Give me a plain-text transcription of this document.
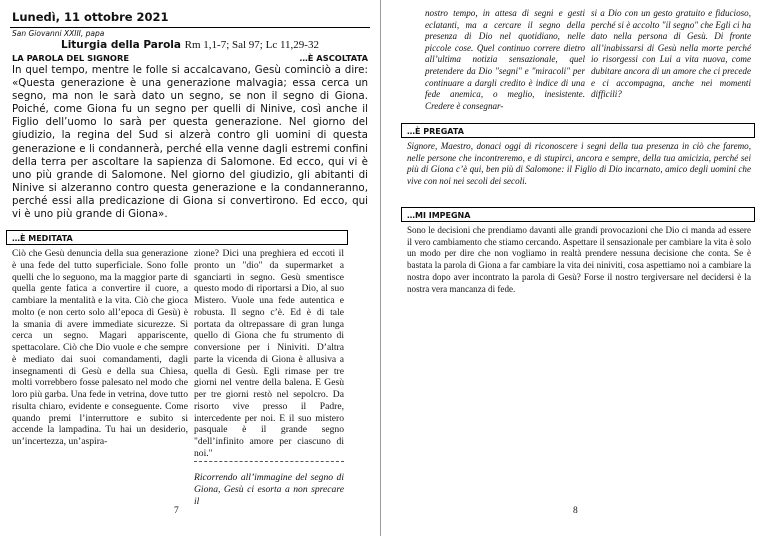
Lunedì, 11 ottobre 2021
San Giovanni XXIII, papa
Liturgia della Parola Rm 1,1-7; Sal 97; Lc 11,29-32
LA PAROLA DEL SIGNORE	…È ASCOLTATA

In quel tempo, mentre le folle si accalcavano, Gesù cominciò a dire: «Questa generazione è una generazione malvagia; essa cerca un segno, ma non le sarà dato un segno, se non il segno di Giona. Poiché, come Giona fu un segno per quelli di Ninive, così anche il Figlio dell’uomo lo sarà per questa generazione. Nel giorno del giudizio, la regina del Sud si alzerà contro gli uomini di questa generazione e li condannerà, perché ella venne dagli estremi confini della terra per ascoltare la sapienza di Salomone. Ed ecco, qui vi è uno più grande di Salomone. Nel giorno del giudizio, gli abitanti di Ninive si alzeranno contro questa generazione e la condanneranno, perché essi alla predicazione di Giona si convertirono. Ed ecco, qui vi è uno più grande di Giona».

…È MEDITATA

Ciò che Gesù denuncia della sua generazione è una fede del tutto superficiale. Sono folle quelli che lo seguono, ma la maggior parte di quella gente fatica a convertire il cuore, a cambiare la mentalità e la vita. Ciò che gioca molto (e non certo solo all’epoca di Gesù) è la smania di avere immediate sicurezze. Si cerca un segno. Magari appariscente, spettacolare. Ciò che Dio vuole e che sempre è mediato dai suoi comandamenti, dagli insegnamenti di Gesù e della sua Chiesa, molti vorrebbero fosse palesato nel modo che loro più garba. Una fede in vetrina, dove tutto risulta chiaro, evidente e conseguente. Come quando premi l’interruttore e subito si accende la lampadina. Tu hai un desiderio, un’incertezza, un’aspira-

zione? Dici una preghiera ed eccoti il pronto un "dio" da supermarket a sganciarti in segno. Gesù smentisce questo modo di riportarsi a Dio, al suo Mistero. Vuole una fede autentica e robusta. Il segno c’è. Ed è di tale portata da oltrepassare di gran lunga quello di Giona che fu strumento di conversione per i Niniviti. D’altra parte la vicenda di Giona è allusiva a quella di Gesù. Egli rimase per tre giorni nel ventre della balena. E Gesù per tre giorni restò nel sepolcro. Da risorto vive presso il Padre, intercedente per noi. E il suo mistero pasquale è il grande segno "dell’infinito amore per ciascuno di noi."

Ricorrendo all’immagine del segno di Giona, Gesù ci esorta a non sprecare il

7

nostro tempo, in attesa di segni e gesti eclatanti, ma a cercare il segno della presenza di Dio nel quotidiano, nelle piccole cose. Quel continuo correre dietro all’ultima notizia sensazionale, quel pretendere da Dio "segni" e "miracoli" per continuare a dargli credito è indice di una fede anemica, o meglio, inesistente. Credere è consegnar-

si a Dio con un gesto gratuito e fiducioso, perché si è accolto "il segno" che Egli ci ha dato nella persona di Gesù. Di fronte all’inabissarsi di Gesù nella morte perché io risorgessi con Lui a vita nuova, come dubitare ancora di un amore che ci precede e ci accompagna, anche nei momenti difficili?

…È PREGATA

Signore, Maestro, donaci oggi di riconoscere i segni della tua presenza in ciò che faremo, nelle persone che incontreremo, e di stupirci, ancora e sempre, della tua amicizia, perché sei più di Giona c’è qui, ben più di Salomone: il Figlio di Dio incarnato, amico degli uomini che vive con noi nei secoli dei secoli.

…MI IMPEGNA

Sono le decisioni che prendiamo davanti alle grandi provocazioni che Dio ci manda ad essere il vero cambiamento che stiamo cercando. Aspettare il sensazionale per cambiare la vita è solo un modo per dire che non vogliamo in realtà prendere nessuna decisione che conta. Se è bastata la parola di Giona a far cambiare la vita dei niniviti, cosa aspettiamo noi a cambiare la nostra dopo aver incontrato la parola di Gesù? Forse il nostro tergiversare nel decidersi è la nostra vera mancanza di fede.

8
